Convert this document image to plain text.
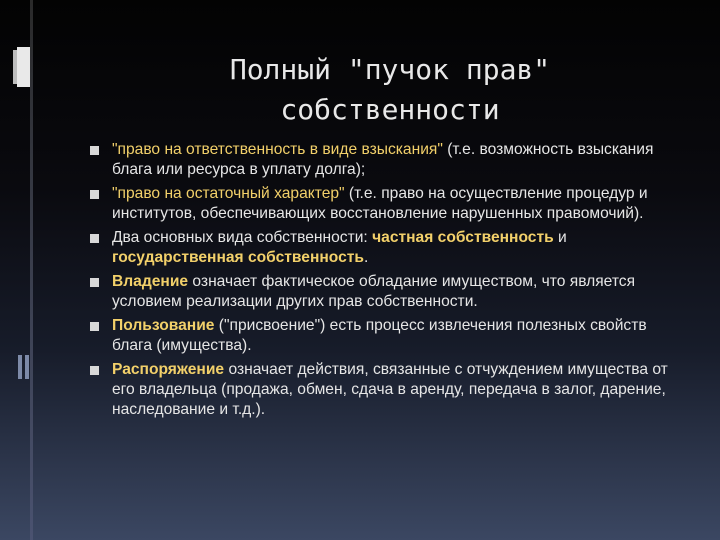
Полный "пучок прав"
собственности
"право на ответственность в виде взыскания" (т.е. возможность взыскания блага или ресурса в уплату долга);
"право на остаточный характер" (т.е. право на осуществление процедур и институтов, обеспечивающих восстановление нарушенных правомочий).
Два основных вида собственности: частная собственность и государственная собственность.
Владение означает фактическое обладание имуществом, что является условием реализации других прав собственности.
Пользование ("присвоение") есть процесс извлечения полезных свойств блага (имущества).
Распоряжение означает действия, связанные с отчуждением имущества от его владельца (продажа, обмен, сдача в аренду, передача в залог, дарение, наследование и т.д.).
